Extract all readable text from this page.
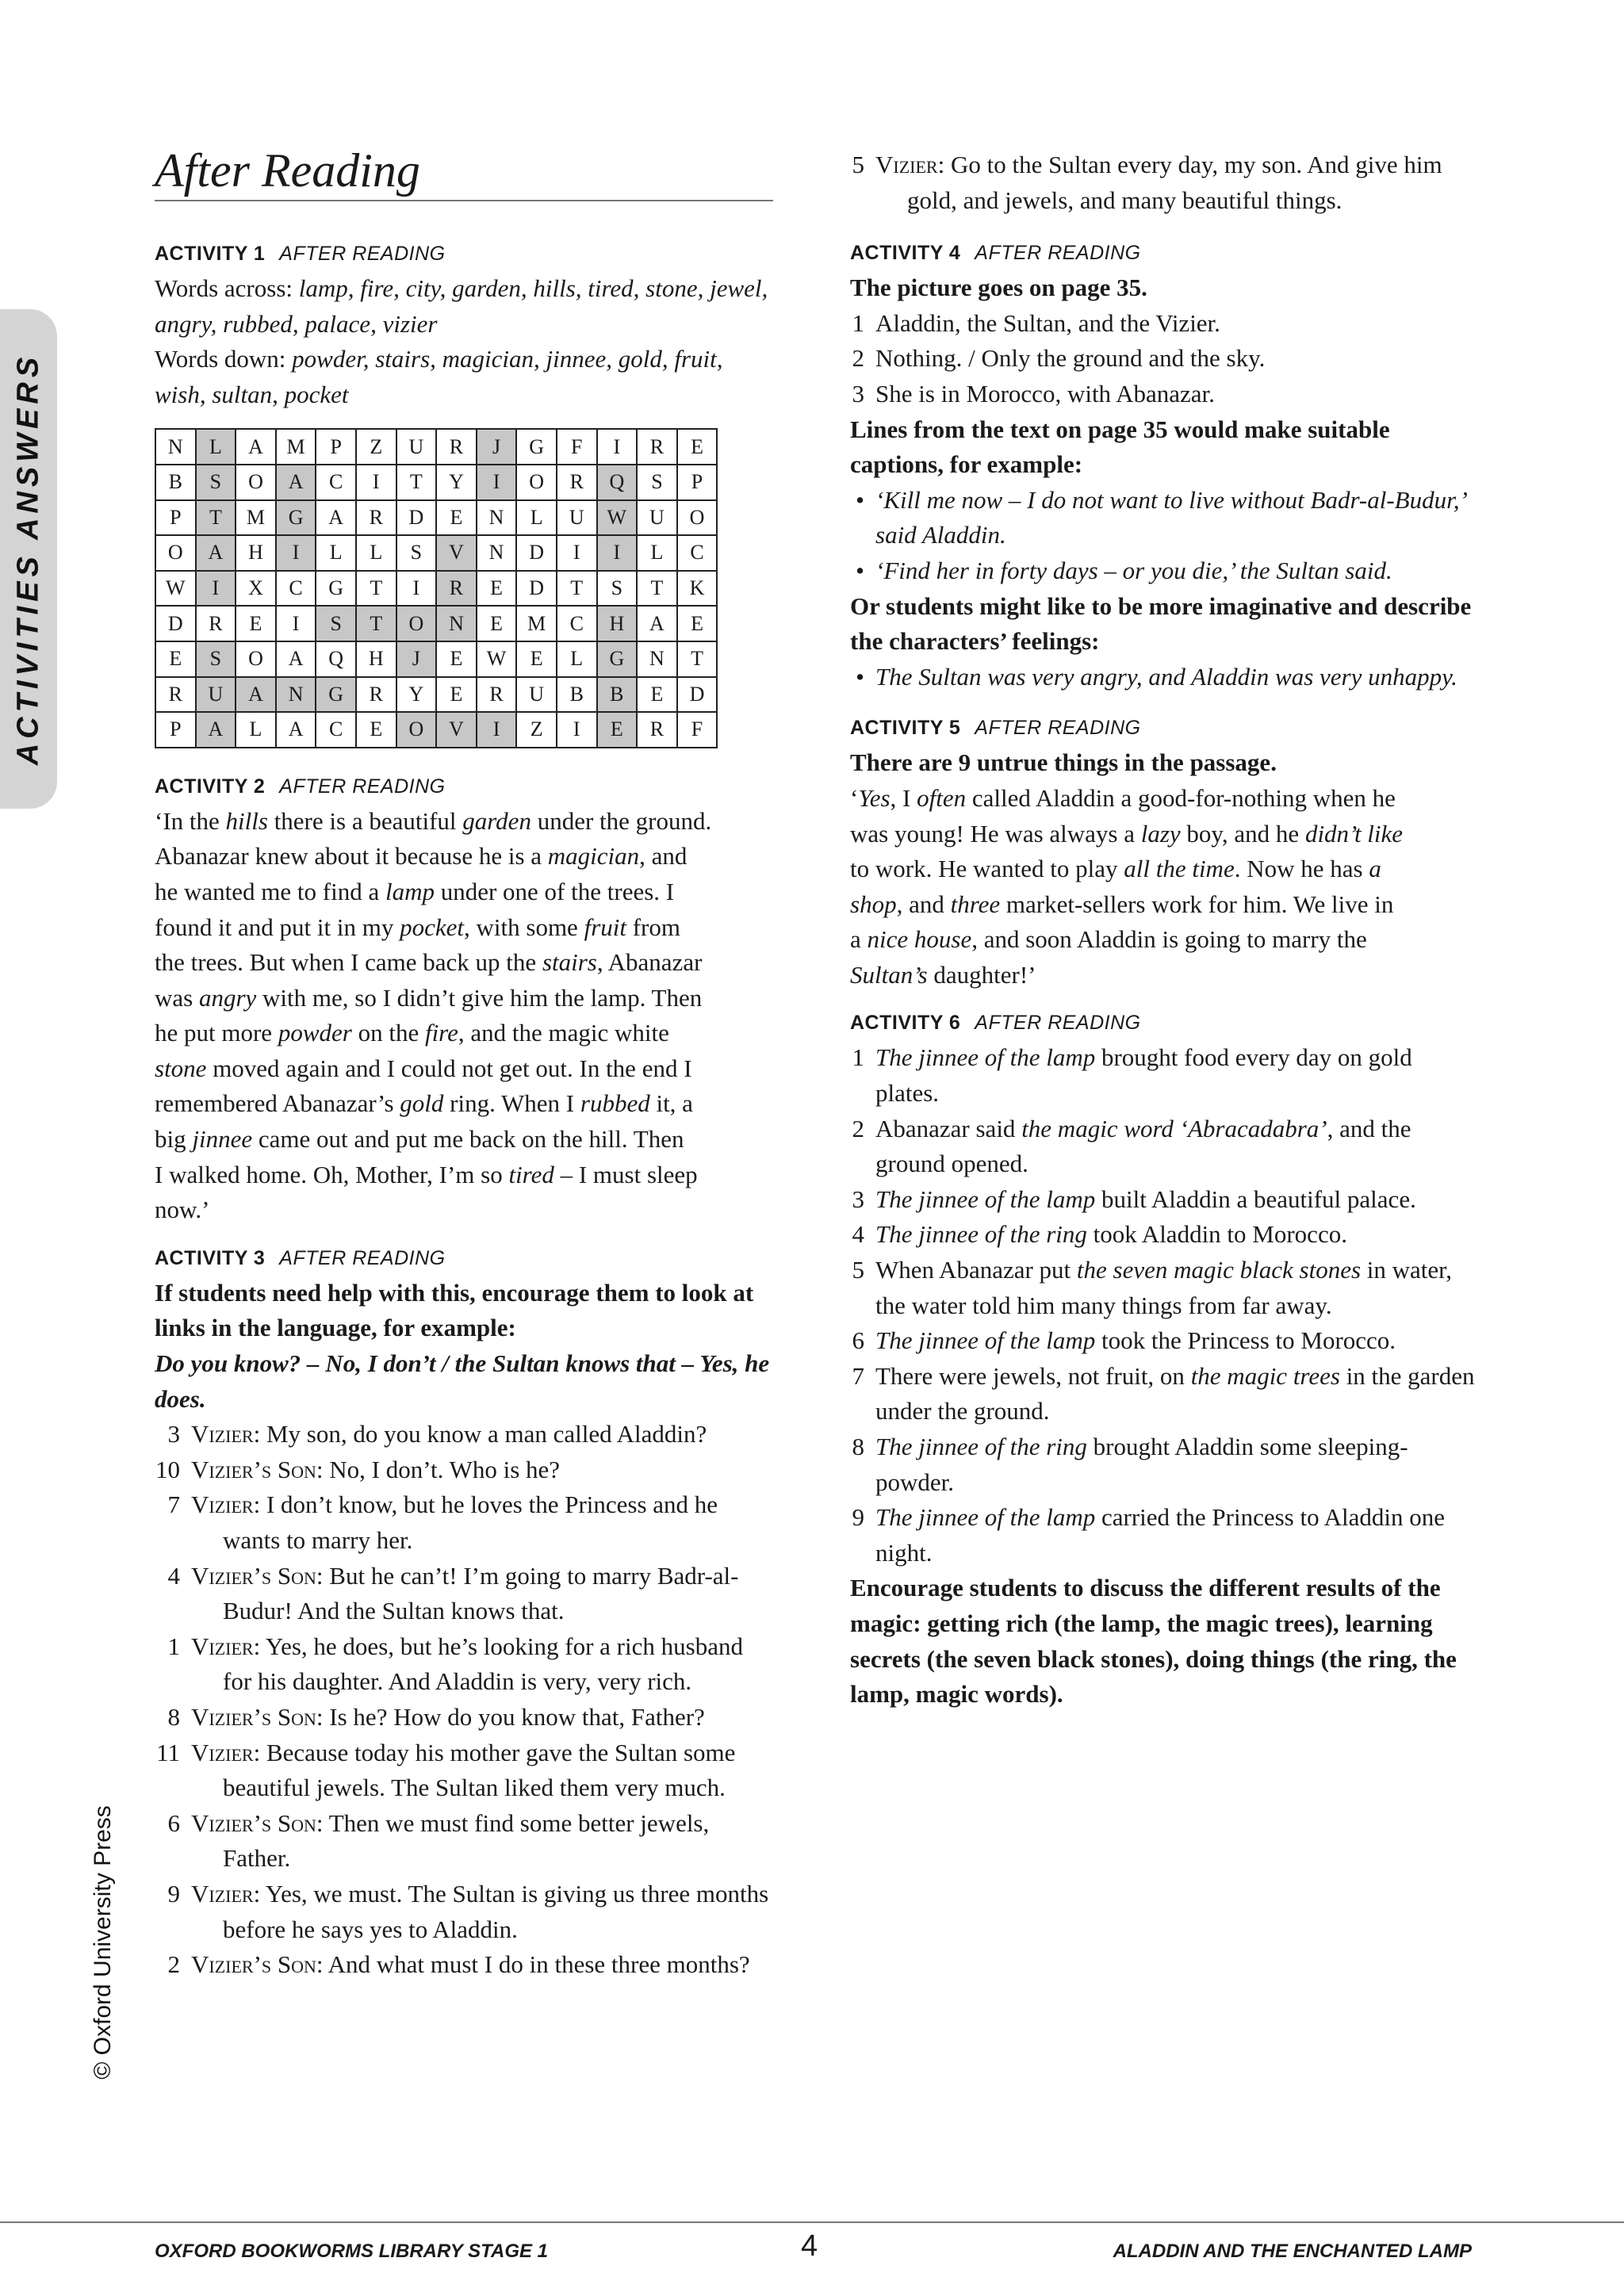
ACTIVITIES ANSWERS
© Oxford University Press
After Reading
ACTIVITY 1 AFTER READING

Words across: lamp, fire, city, garden, hills, tired, stone, jewel, angry, rubbed, palace, vizier

Words down: powder, stairs, magician, jinnee, gold, fruit, wish, sultan, pocket

N	L	A	M	P	Z	U	R	J	G	F	I	R	E
B	S	O	A	C	I	T	Y	I	O	R	Q	S	P
P	T	M	G	A	R	D	E	N	L	U	W	U	O
O	A	H	I	L	L	S	V	N	D	I	I	L	C
W	I	X	C	G	T	I	R	E	D	T	S	T	K
D	R	E	I	S	T	O	N	E	M	C	H	A	E
E	S	O	A	Q	H	J	E	W	E	L	G	N	T
R	U	A	N	G	R	Y	E	R	U	B	B	E	D
P	A	L	A	C	E	O	V	I	Z	I	E	R	F
ACTIVITY 2 AFTER READING
‘In the hills there is a beautiful garden under the ground.
Abanazar knew about it because he is a magician, and
he wanted me to find a lamp under one of the trees. I
found it and put it in my pocket, with some fruit from
the trees. But when I came back up the stairs, Abanazar
was angry with me, so I didn’t give him the lamp. Then
he put more powder on the fire, and the magic white
stone moved again and I could not get out. In the end I
remembered Abanazar’s gold ring. When I rubbed it, a
big jinnee came out and put me back on the hill. Then
I walked home. Oh, Mother, I’m so tired – I must sleep
now.’
ACTIVITY 3 AFTER READING

If students need help with this, encourage them to look at links in the language, for example:

Do you know? – No, I don’t / the Sultan knows that – Yes, he does.

3 Vizier: My son, do you know a man called Aladdin?
10 Vizier’s Son: No, I don’t. Who is he?
7 Vizier: I don’t know, but he loves the Princess and he wants to marry her.
4 Vizier’s Son: But he can’t! I’m going to marry Badr-al-Budur! And the Sultan knows that.
1 Vizier: Yes, he does, but he’s looking for a rich husband for his daughter. And Aladdin is very, very rich.
8 Vizier’s Son: Is he? How do you know that, Father?
11 Vizier: Because today his mother gave the Sultan some beautiful jewels. The Sultan liked them very much.
6 Vizier’s Son: Then we must find some better jewels, Father.
9 Vizier: Yes, we must. The Sultan is giving us three months before he says yes to Aladdin.
2 Vizier’s Son: And what must I do in these three months?
5 Vizier: Go to the Sultan every day, my son. And give him gold, and jewels, and many beautiful things.
ACTIVITY 4 AFTER READING

The picture goes on page 35.

1 Aladdin, the Sultan, and the Vizier.
2 Nothing. / Only the ground and the sky.
3 She is in Morocco, with Abanazar.

Lines from the text on page 35 would make suitable captions, for example:

• ‘Kill me now – I do not want to live without Badr-al-Budur,’ said Aladdin.
• ‘Find her in forty days – or you die,’ the Sultan said.

Or students might like to be more imaginative and describe the characters’ feelings:

• The Sultan was very angry, and Aladdin was very unhappy.
ACTIVITY 5 AFTER READING

There are 9 untrue things in the passage.

‘Yes, I often called Aladdin a good-for-nothing when he
was young! He was always a lazy boy, and he didn’t like
to work. He wanted to play all the time. Now he has a
shop, and three market-sellers work for him. We live in
a nice house, and soon Aladdin is going to marry the
Sultan’s daughter!’
ACTIVITY 6 AFTER READING
1 The jinnee of the lamp brought food every day on gold plates.
2 Abanazar said the magic word ‘Abracadabra’, and the ground opened.
3 The jinnee of the lamp built Aladdin a beautiful palace.
4 The jinnee of the ring took Aladdin to Morocco.
5 When Abanazar put the seven magic black stones in water, the water told him many things from far away.
6 The jinnee of the lamp took the Princess to Morocco.
7 There were jewels, not fruit, on the magic trees in the garden under the ground.
8 The jinnee of the ring brought Aladdin some sleeping-powder.
9 The jinnee of the lamp carried the Princess to Aladdin one night.

Encourage students to discuss the different results of the magic: getting rich (the lamp, the magic trees), learning secrets (the seven black stones), doing things (the ring, the lamp, magic words).

OXFORD BOOKWORMS LIBRARY STAGE 1	4	ALADDIN AND THE ENCHANTED LAMP
